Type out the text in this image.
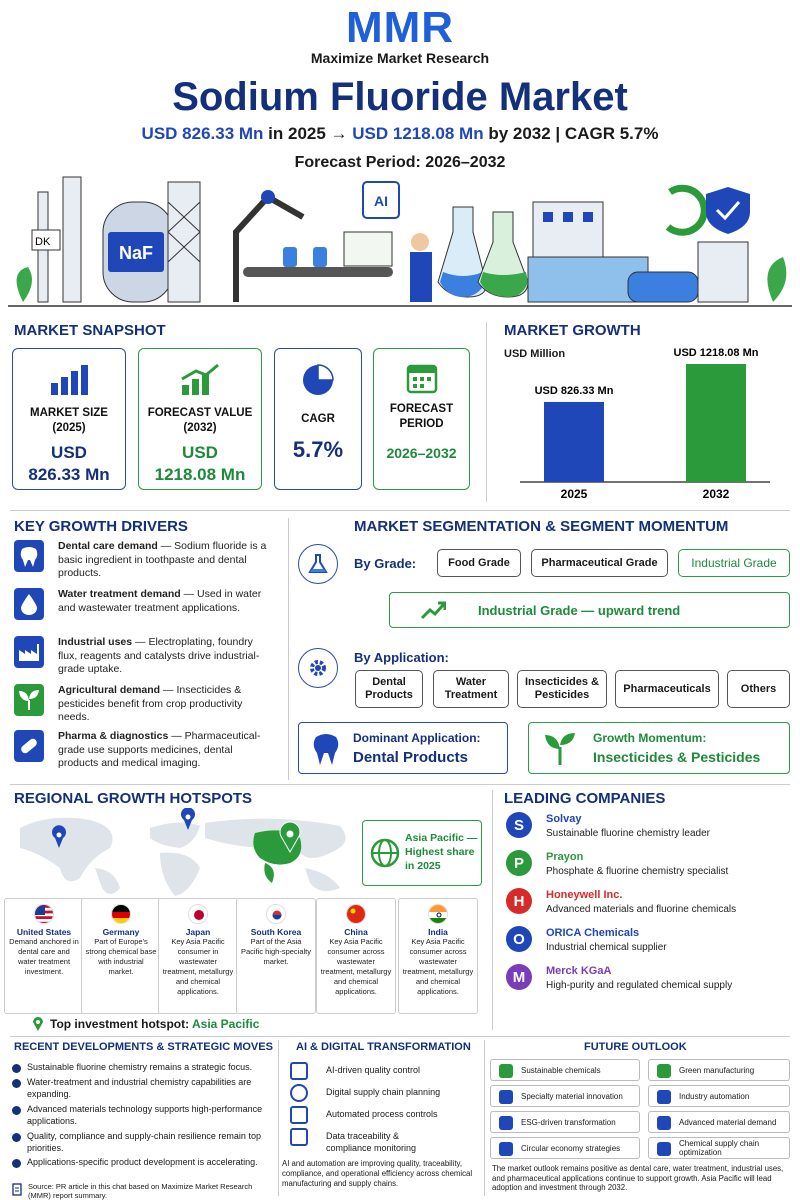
MMR
Maximize Market Research
Sodium Fluoride Market
USD 826.33 Mn in 2025 → USD 1218.08 Mn by 2032 | CAGR 5.7%
Forecast Period: 2026–2032
DK
NaF
AI
MARKET SNAPSHOT
MARKET SIZE
(2025)
USD
826.33 Mn
FORECAST VALUE
(2032)
USD
1218.08 Mn
CAGR
5.7%
FORECAST
PERIOD
2026–2032
MARKET GROWTH
USD Million
USD 826.33 Mn
2025
USD 1218.08 Mn
2032
KEY GROWTH DRIVERS
Dental care demand — Sodium fluoride is a basic ingredient in toothpaste and dental products.
Water treatment demand — Used in water and wastewater treatment applications.
Industrial uses — Electroplating, foundry flux, reagents and catalysts drive industrial-grade uptake.
Agricultural demand — Insecticides & pesticides benefit from crop productivity needs.
Pharma & diagnostics — Pharmaceutical-grade use supports medicines, dental products and medical imaging.
MARKET SEGMENTATION & SEGMENT MOMENTUM
By Grade:	Food Grade	Pharmaceutical Grade	Industrial Grade
Industrial Grade — upward trend
By Application:
Dental
Products
Water
Treatment
Insecticides &
Pesticides
Pharmaceuticals	Others
Dominant Application:
Dental Products
Growth Momentum:
Insecticides & Pesticides
REGIONAL GROWTH HOTSPOTS
Asia Pacific —
Highest share
in 2025
United States
Demand anchored in dental care and water treatment investment.
Germany
Part of Europe's strong chemical base with industrial market.
Japan
Key Asia Pacific consumer in wastewater treatment, metallurgy and chemical applications.
South Korea
Part of the Asia Pacific high-specialty market.
China
Key Asia Pacific consumer across wastewater treatment, metallurgy and chemical applications.
India
Key Asia Pacific consumer across wastewater treatment, metallurgy and chemical applications.
Top investment hotspot: Asia Pacific
LEADING COMPANIES
S	Solvay
Sustainable fluorine chemistry leader
P	Prayon
Phosphate & fluorine chemistry specialist
H	Honeywell Inc.
Advanced materials and fluorine chemicals
O	ORICA Chemicals
Industrial chemical supplier
M	Merck KGaA
High-purity and regulated chemical supply
RECENT DEVELOPMENTS & STRATEGIC MOVES
Sustainable fluorine chemistry remains a strategic focus.
Water-treatment and industrial chemistry capabilities are expanding.
Advanced materials technology supports high-performance applications.
Quality, compliance and supply-chain resilience remain top priorities.
Applications-specific product development is accelerating.
Source: PR article in this chat based on Maximize Market Research (MMR) report summary.
AI & DIGITAL TRANSFORMATION
AI-driven quality control
Digital supply chain planning
Automated process controls
Data traceability &
compliance monitoring
AI and automation are improving quality, traceability, compliance, and operational efficiency across chemical manufacturing and supply chains.
FUTURE OUTLOOK
Sustainable chemicals	Green manufacturing
Specialty material innovation	Industry automation
ESG-driven transformation	Advanced material demand
Circular economy strategies	Chemical supply chain
optimization
The market outlook remains positive as dental care, water treatment, industrial uses, and pharmaceutical applications continue to support growth. Asia Pacific will lead adoption and investment through 2032.
